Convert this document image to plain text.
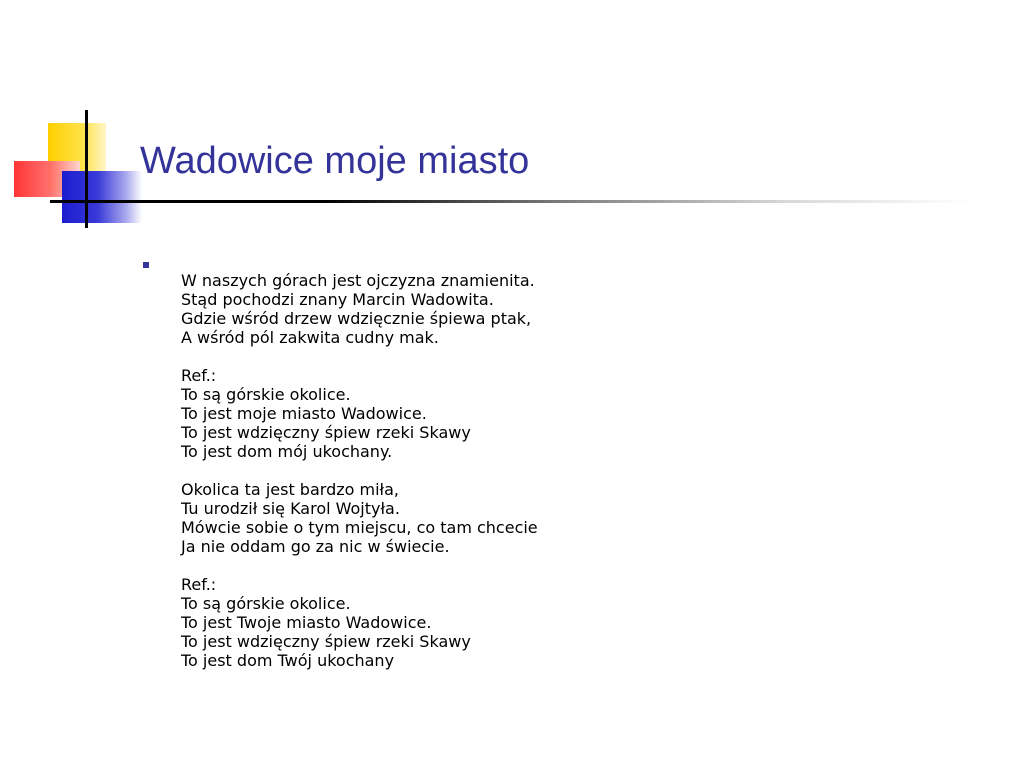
Wadowice moje miasto
W naszych górach jest ojczyzna znamienita.
Stąd pochodzi znany Marcin Wadowita.
Gdzie wśród drzew wdzięcznie śpiewa ptak,
A wśród pól zakwita cudny mak.
Ref.:
To są górskie okolice.
To jest moje miasto Wadowice.
To jest wdzięczny śpiew rzeki Skawy
To jest dom mój ukochany.
Okolica ta jest bardzo miła,
Tu urodził się Karol Wojtyła.
Mówcie sobie o tym miejscu, co tam chcecie
Ja nie oddam go za nic w świecie.
Ref.:
To są górskie okolice.
To jest Twoje miasto Wadowice.
To jest wdzięczny śpiew rzeki Skawy
To jest dom Twój ukochany
